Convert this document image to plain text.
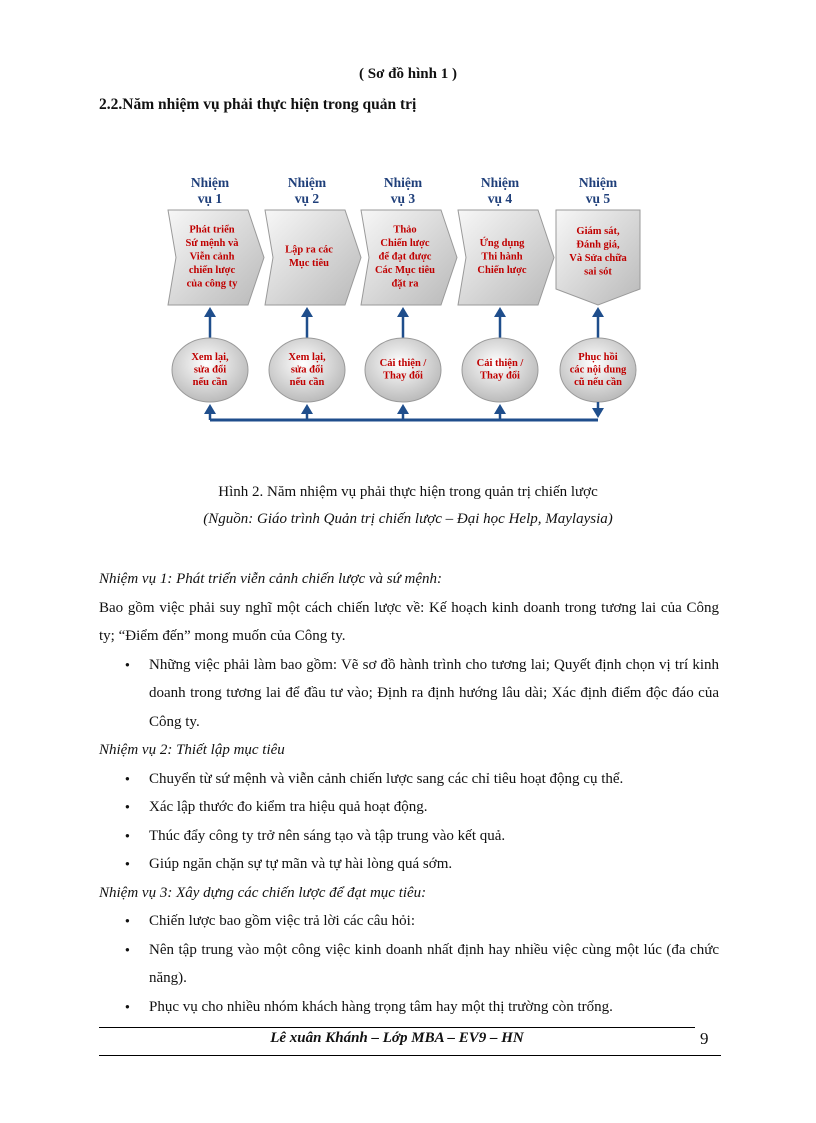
( Sơ đồ hình 1 )
2.2.Năm nhiệm vụ phải thực hiện trong quản trị
Nhiệm
vụ 1
Phát triển
Sứ mệnh và
Viễn cảnh
chiến lược
của công ty
Xem lại,
sửa đổi
nếu cần
Nhiệm
vụ 2
Lập ra các
Mục tiêu
Xem lại,
sửa đổi
nếu cần
Nhiệm
vụ 3
Thảo
Chiến lược
để đạt được
Các Mục tiêu
đặt ra
Cải thiện /
Thay đổi
Nhiệm
vụ 4
Ứng dụng
Thi hành
Chiến lược
Cải thiện /
Thay đổi
Nhiệm
vụ 5
Giám sát,
Đánh giá,
Và Sửa chữa
sai sót
Phục hồi
các nội dung
cũ nếu cần
Hình 2. Năm nhiệm vụ phải thực hiện trong quản trị chiến lược
(Nguồn: Giáo trình Quản trị chiến lược – Đại học Help, Maylaysia)
Nhiệm vụ 1: Phát triển viễn cảnh chiến lược và sứ mệnh:
Bao gồm việc phải suy nghĩ một cách chiến lược về: Kế hoạch kinh doanh trong tương lai của Công ty; “Điểm đến” mong muốn của Công ty.
● Những việc phải làm bao gồm: Vẽ sơ đồ hành trình cho tương lai; Quyết định chọn vị trí kinh doanh trong tương lai để đầu tư vào; Định ra định hướng lâu dài; Xác định điểm độc đáo của Công ty.
Nhiệm vụ 2: Thiết lập mục tiêu
● Chuyển từ sứ mệnh và viễn cảnh chiến lược sang các chỉ tiêu hoạt động cụ thể.
● Xác lập thước đo kiểm tra hiệu quả hoạt động.
● Thúc đẩy công ty trở nên sáng tạo và tập trung vào kết quả.
● Giúp ngăn chặn sự tự mãn và tự hài lòng quá sớm.
Nhiệm vụ 3: Xây dựng các chiến lược để đạt mục tiêu:
● Chiến lược bao gồm việc trả lời các câu hỏi:
● Nên tập trung vào một công việc kinh doanh nhất định hay nhiều việc cùng một lúc (đa chức năng).
● Phục vụ cho nhiều nhóm khách hàng trọng tâm hay một thị trường còn trống.
Lê xuân Khánh – Lớp MBA – EV9 – HN	9
